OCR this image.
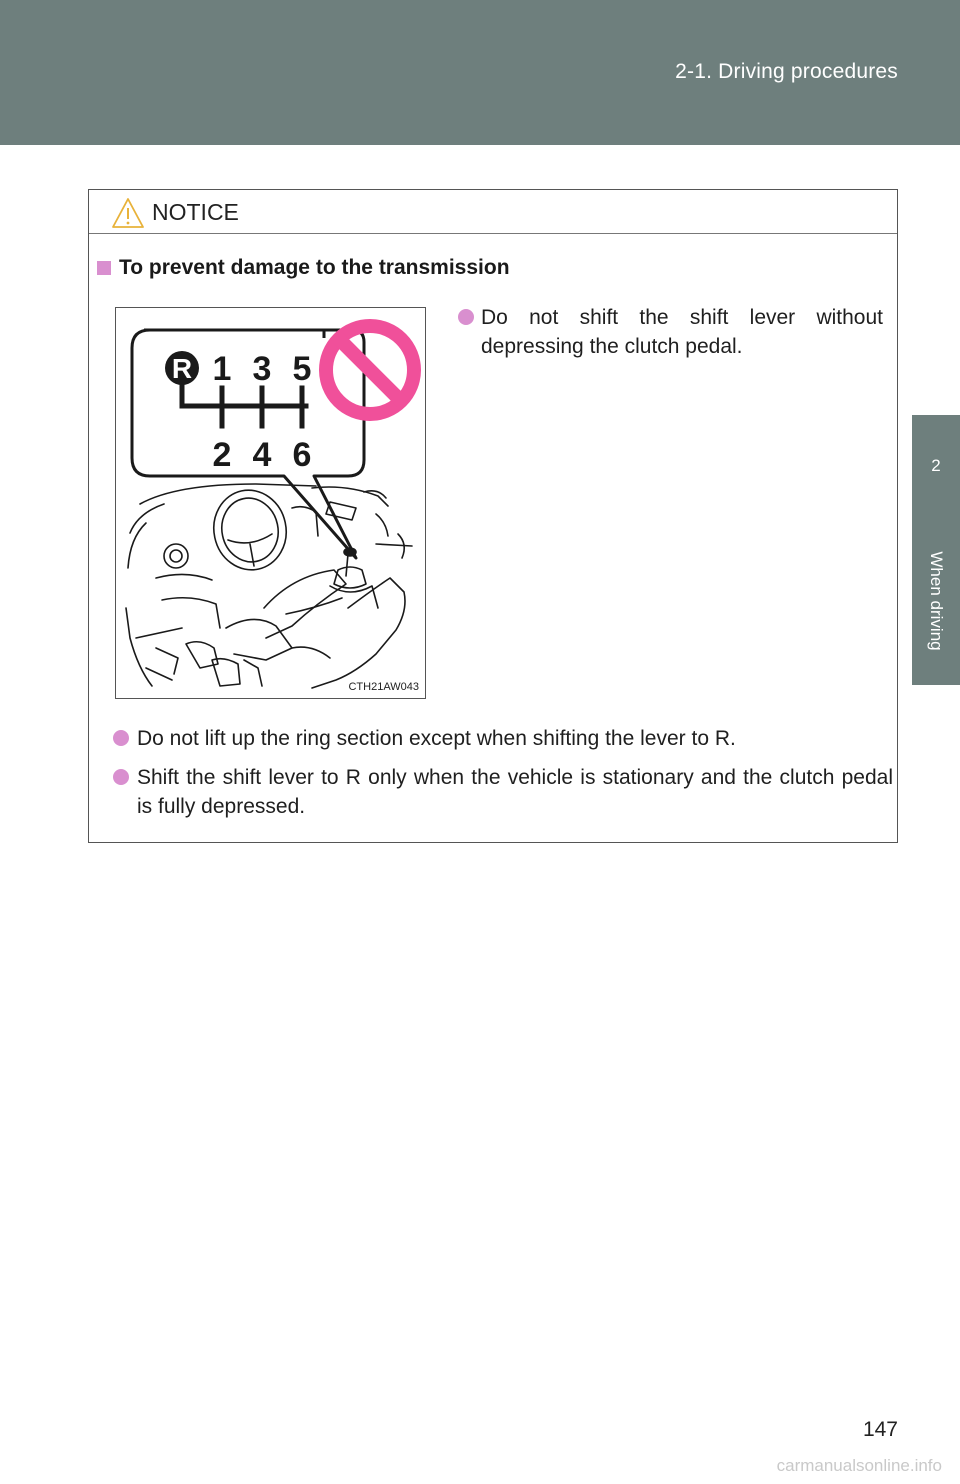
2-1. Driving procedures
2
When driving
NOTICE
To prevent damage to the transmission
R 1 3 5
2 4 6
CTH21AW043
Do not shift the shift lever without depressing the clutch pedal.
Do not lift up the ring section except when shifting the lever to R.
Shift the shift lever to R only when the vehicle is stationary and the clutch pedal is fully depressed.
147
carmanualsonline.info
